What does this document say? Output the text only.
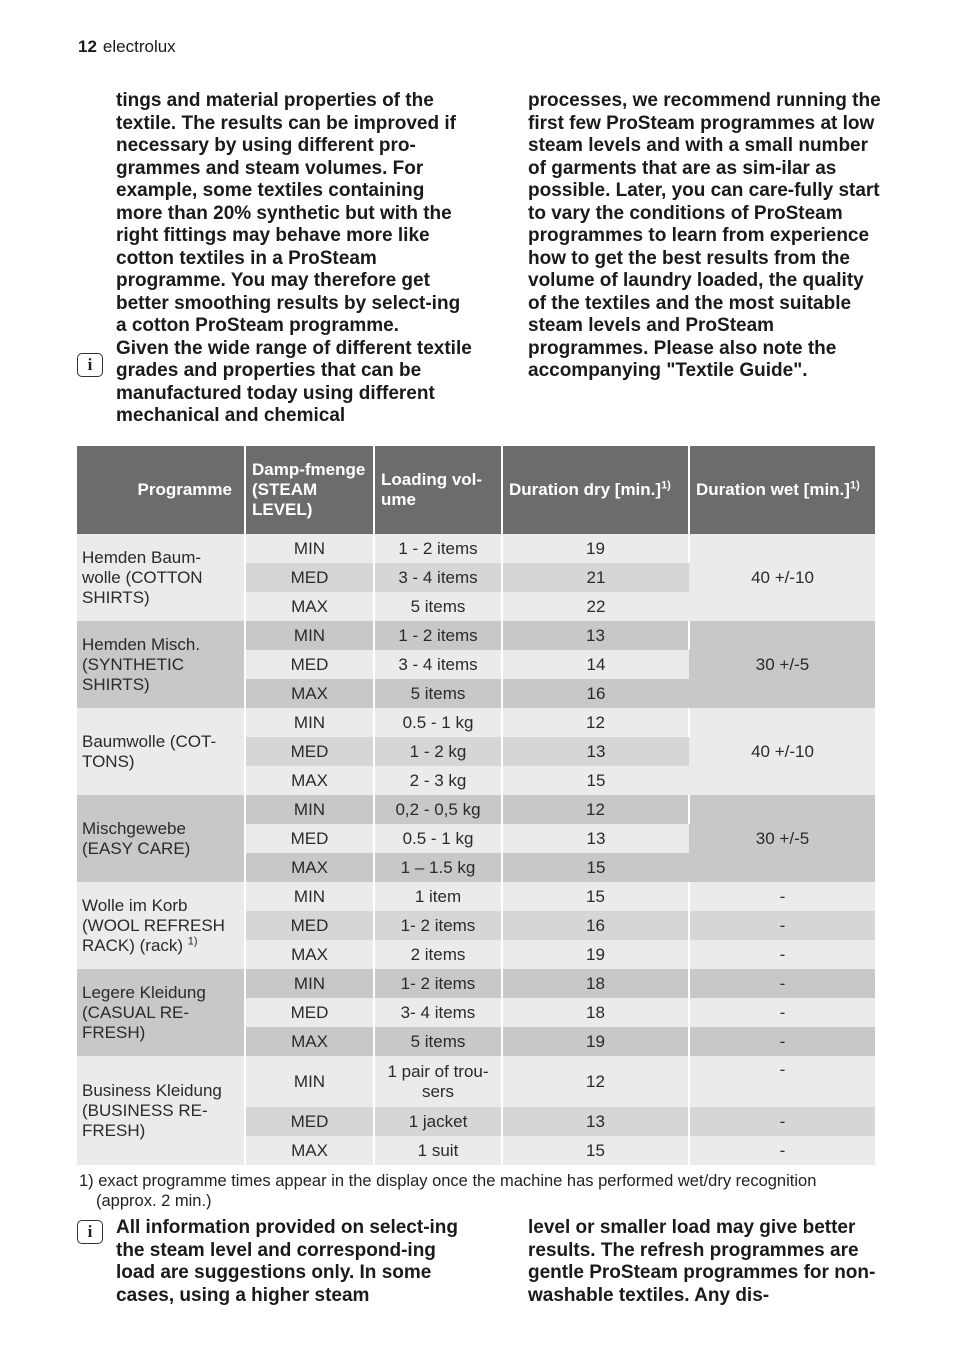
12 electrolux

tings and material properties of the textile. The results can be improved if necessary by using different pro-grammes and steam volumes. For example, some textiles containing more than 20% synthetic but with the right fittings may behave more like cotton textiles in a ProSteam programme. You may therefore get better smoothing results by select-ing a cotton ProSteam programme.

Given the wide range of different textile grades and properties that can be manufactured today using different mechanical and chemical

i

processes, we recommend running the first few ProSteam programmes at low steam levels and with a small number of garments that are as sim-ilar as possible. Later, you can care-fully start to vary the conditions of ProSteam programmes to learn from experience how to get the best results from the volume of laundry loaded, the quality of the textiles and the most suitable steam levels and ProSteam programmes. Please also note the accompanying "Textile Guide".

Programme	Damp-fmenge (STEAM LEVEL)	Loading vol-ume	Duration dry $[\min.]^{1)}$	Duration wet $[\min.]^{1)}$
Hemden Baum-wolle (COTTON SHIRTS)	MIN	1 - 2 items	19	40 +/-10
	MED	3 - 4 items	21	
	MAX	5 items	22	
Hemden Misch. (SYNTHETIC SHIRTS)	MIN	1 - 2 items	13	30 +/-5
	MED	3 - 4 items	14	
	MAX	5 items	16	
Baumwolle (COT-TONS)	MIN	0.5 - 1 kg	12	40 +/-10
	MED	1 - 2 kg	13	
	MAX	2 - 3 kg	15	
Mischgewebe (EASY CARE)	MIN	0,2 - 0,5 kg	12	30 +/-5
	MED	0.5 - 1 kg	13	
	MAX	1 – 1.5 kg	15	
Wolle im Korb (WOOL REFRESH RACK) (rack) $^{1)}$	MIN	1 item	15	-
	MED	1- 2 items	16	-
	MAX	2 items	19	-
Legere Kleidung (CASUAL RE-FRESH)	MIN	1- 2 items	18	-
	MED	3- 4 items	18	-
	MAX	5 items	19	-
Business Kleidung (BUSINESS RE-FRESH)	MIN	1 pair of trou-sers	12	-
	MED	1 jacket	13	-
	MAX	1 suit	15	-
1) exact programme times appear in the display once the machine has performed wet/dry recognition
(approx. 2 min.)

All information provided on select-ing the steam level and correspond-ing load are suggestions only. In some cases, using a higher steam

i	level or smaller load may give better results. The refresh programmes are gentle ProSteam programmes for non-washable textiles. Any dis-
